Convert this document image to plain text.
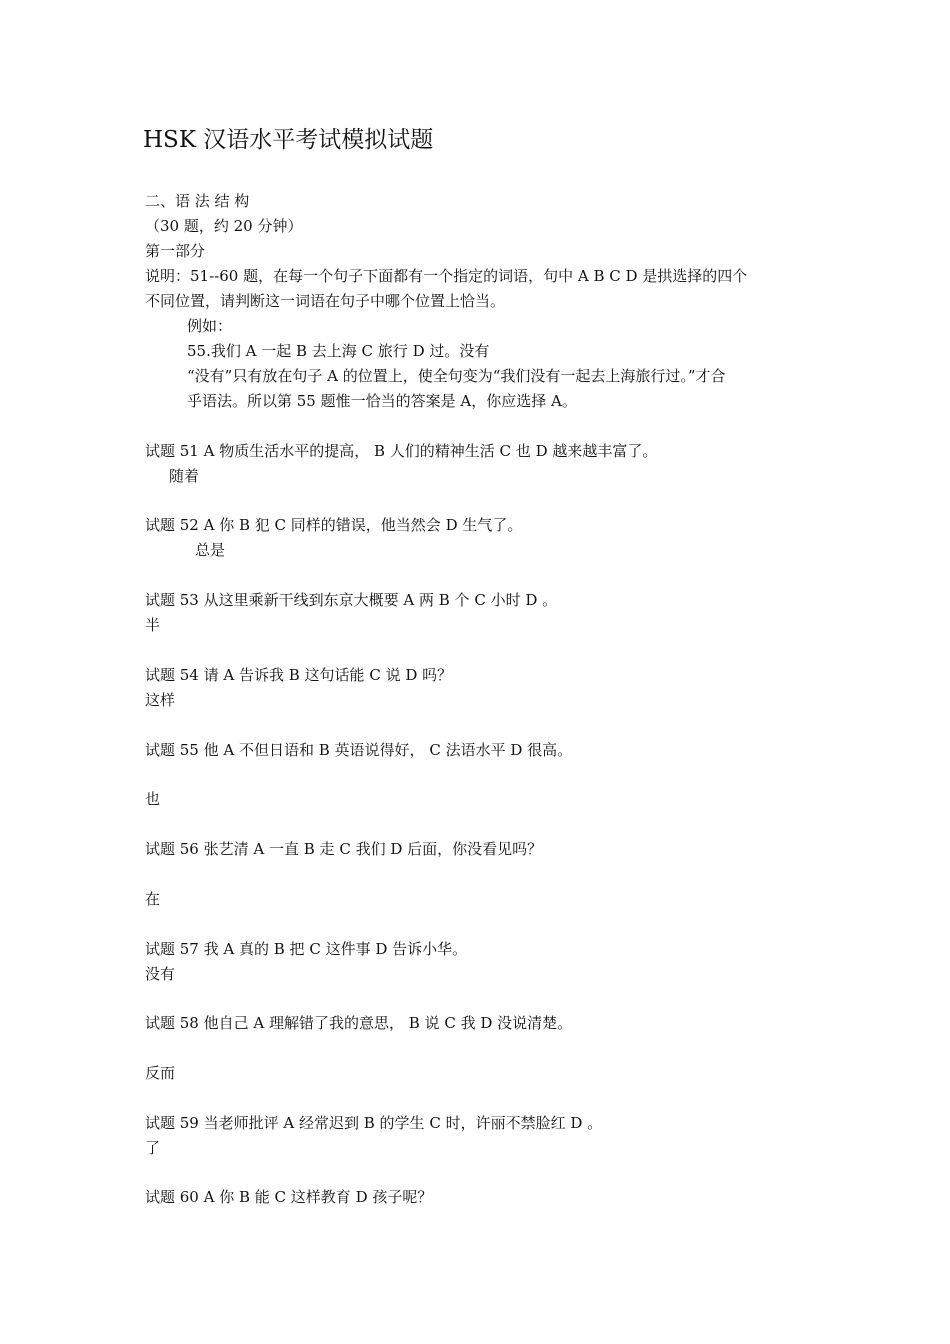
HSK 汉语水平考试模拟试题
二、语 法 结 构
（30 题，约 20 分钟）
第一部分
说明：51--60 题，在每一个句子下面都有一个指定的词语，句中 A B C D 是拱选择的四个
不同位置，请判断这一词语在句子中哪个位置上恰当。
例如：
55.我们 A 一起 B 去上海 C 旅行 D 过。没有
“没有”只有放在句子 A 的位置上，使全句变为“我们没有一起去上海旅行过。”才合
乎语法。所以第 55 题惟一恰当的答案是 A，你应选择 A。
试题 51 A 物质生活水平的提高， B 人们的精神生活 C 也 D 越来越丰富了。
随着
试题 52 A 你 B 犯 C 同样的错误，他当然会 D 生气了。
总是
试题 53 从这里乘新干线到东京大概要 A 两 B 个 C 小时 D 。
半
试题 54 请 A 告诉我 B 这句话能 C 说 D 吗？
这样
试题 55 他 A 不但日语和 B 英语说得好， C 法语水平 D 很高。
也
试题 56 张艺清 A 一直 B 走 C 我们 D 后面，你没看见吗？
在
试题 57 我 A 真的 B 把 C 这件事 D 告诉小华。
没有
试题 58 他自己 A 理解错了我的意思， B 说 C 我 D 没说清楚。
反而
试题 59 当老师批评 A 经常迟到 B 的学生 C 时，许丽不禁脸红 D 。
了
试题 60 A 你 B 能 C 这样教育 D 孩子呢？
